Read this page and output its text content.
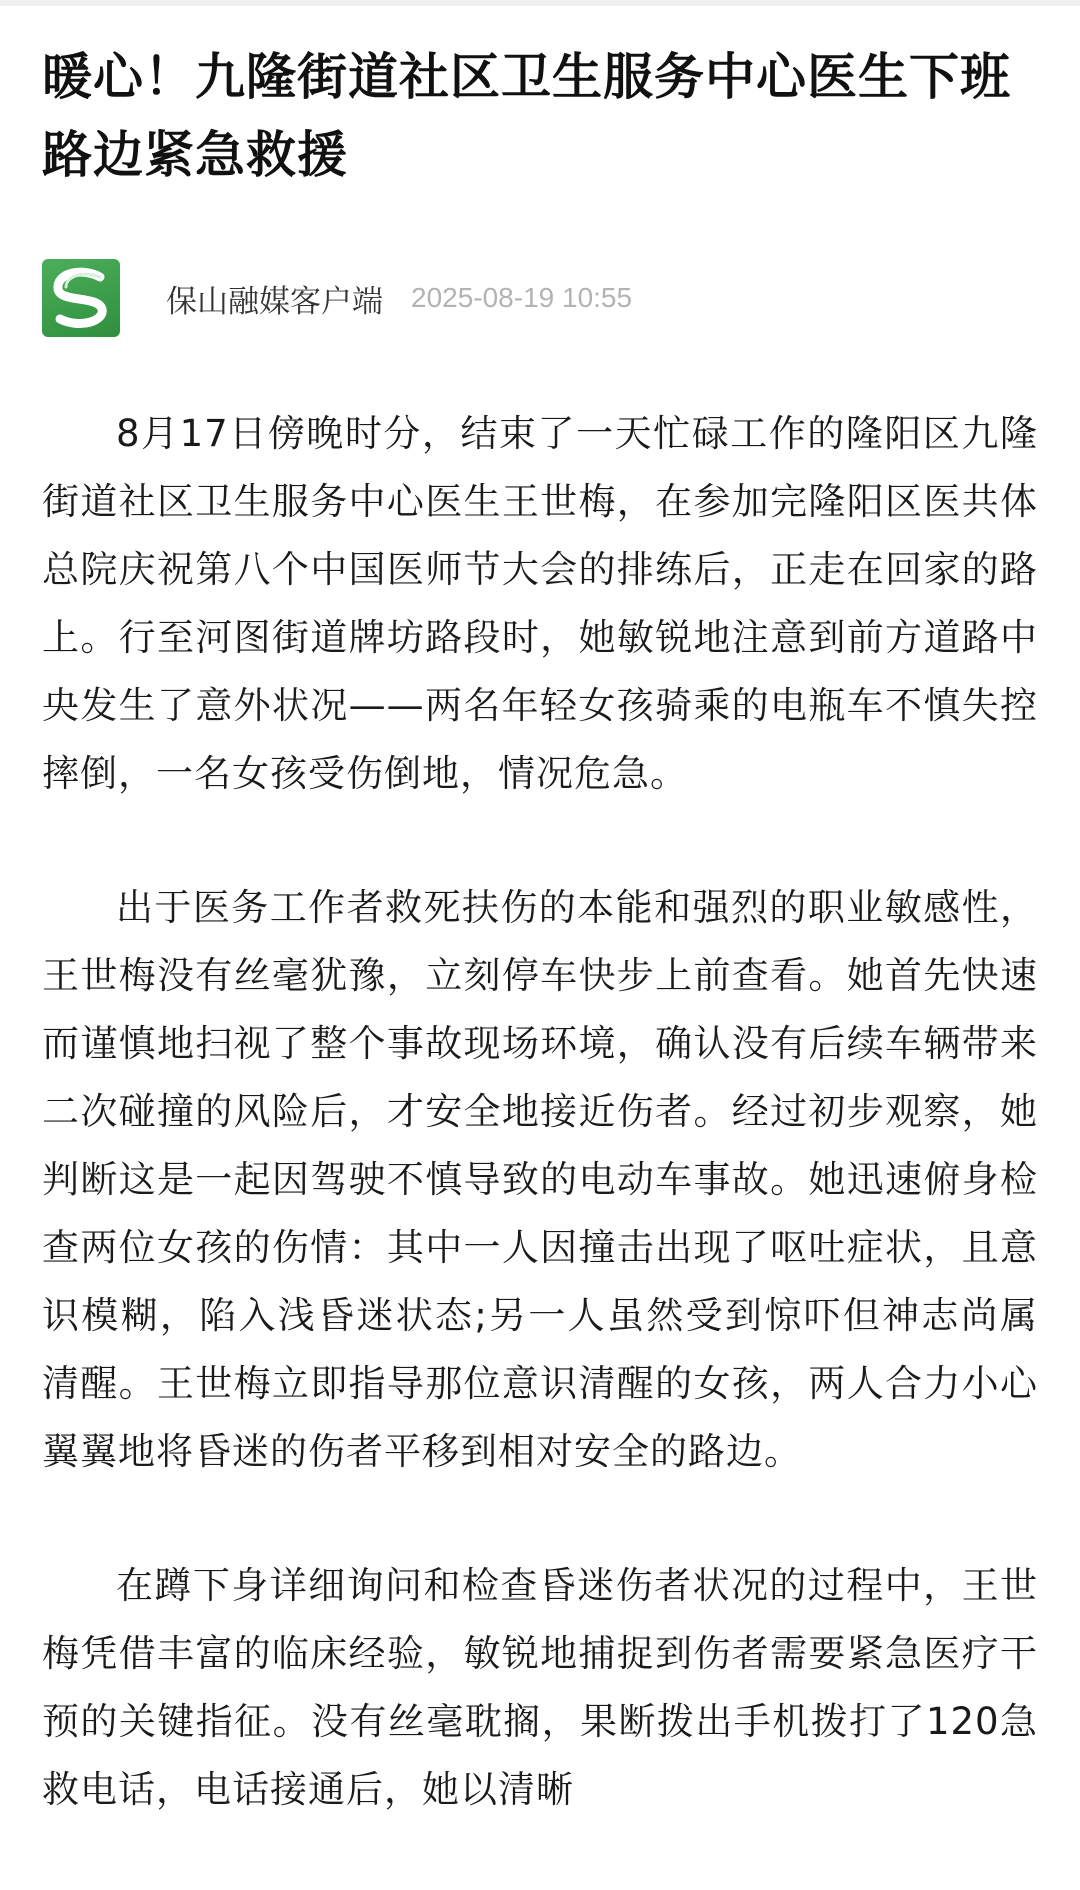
暖心！九隆街道社区卫生服务中心医生下班路边紧急救援
保山融媒客户端 2025-08-19 10:55

8月17日傍晚时分，结束了一天忙碌工作的隆阳区九隆街道社区卫生服务中心医生王世梅，在参加完隆阳区医共体总院庆祝第八个中国医师节大会的排练后，正走在回家的路上。行至河图街道牌坊路段时，她敏锐地注意到前方道路中央发生了意外状况——两名年轻女孩骑乘的电瓶车不慎失控摔倒，一名女孩受伤倒地，情况危急。

出于医务工作者救死扶伤的本能和强烈的职业敏感性，王世梅没有丝毫犹豫，立刻停车快步上前查看。她首先快速而谨慎地扫视了整个事故现场环境，确认没有后续车辆带来二次碰撞的风险后，才安全地接近伤者。经过初步观察，她判断这是一起因驾驶不慎导致的电动车事故。她迅速俯身检查两位女孩的伤情：其中一人因撞击出现了呕吐症状，且意识模糊，陷入浅昏迷状态;另一人虽然受到惊吓但神志尚属清醒。王世梅立即指导那位意识清醒的女孩，两人合力小心翼翼地将昏迷的伤者平移到相对安全的路边。

在蹲下身详细询问和检查昏迷伤者状况的过程中，王世梅凭借丰富的临床经验，敏锐地捕捉到伤者需要紧急医疗干预的关键指征。没有丝毫耽搁，果断拨出手机拨打了120急救电话，电话接通后，她以清晰
